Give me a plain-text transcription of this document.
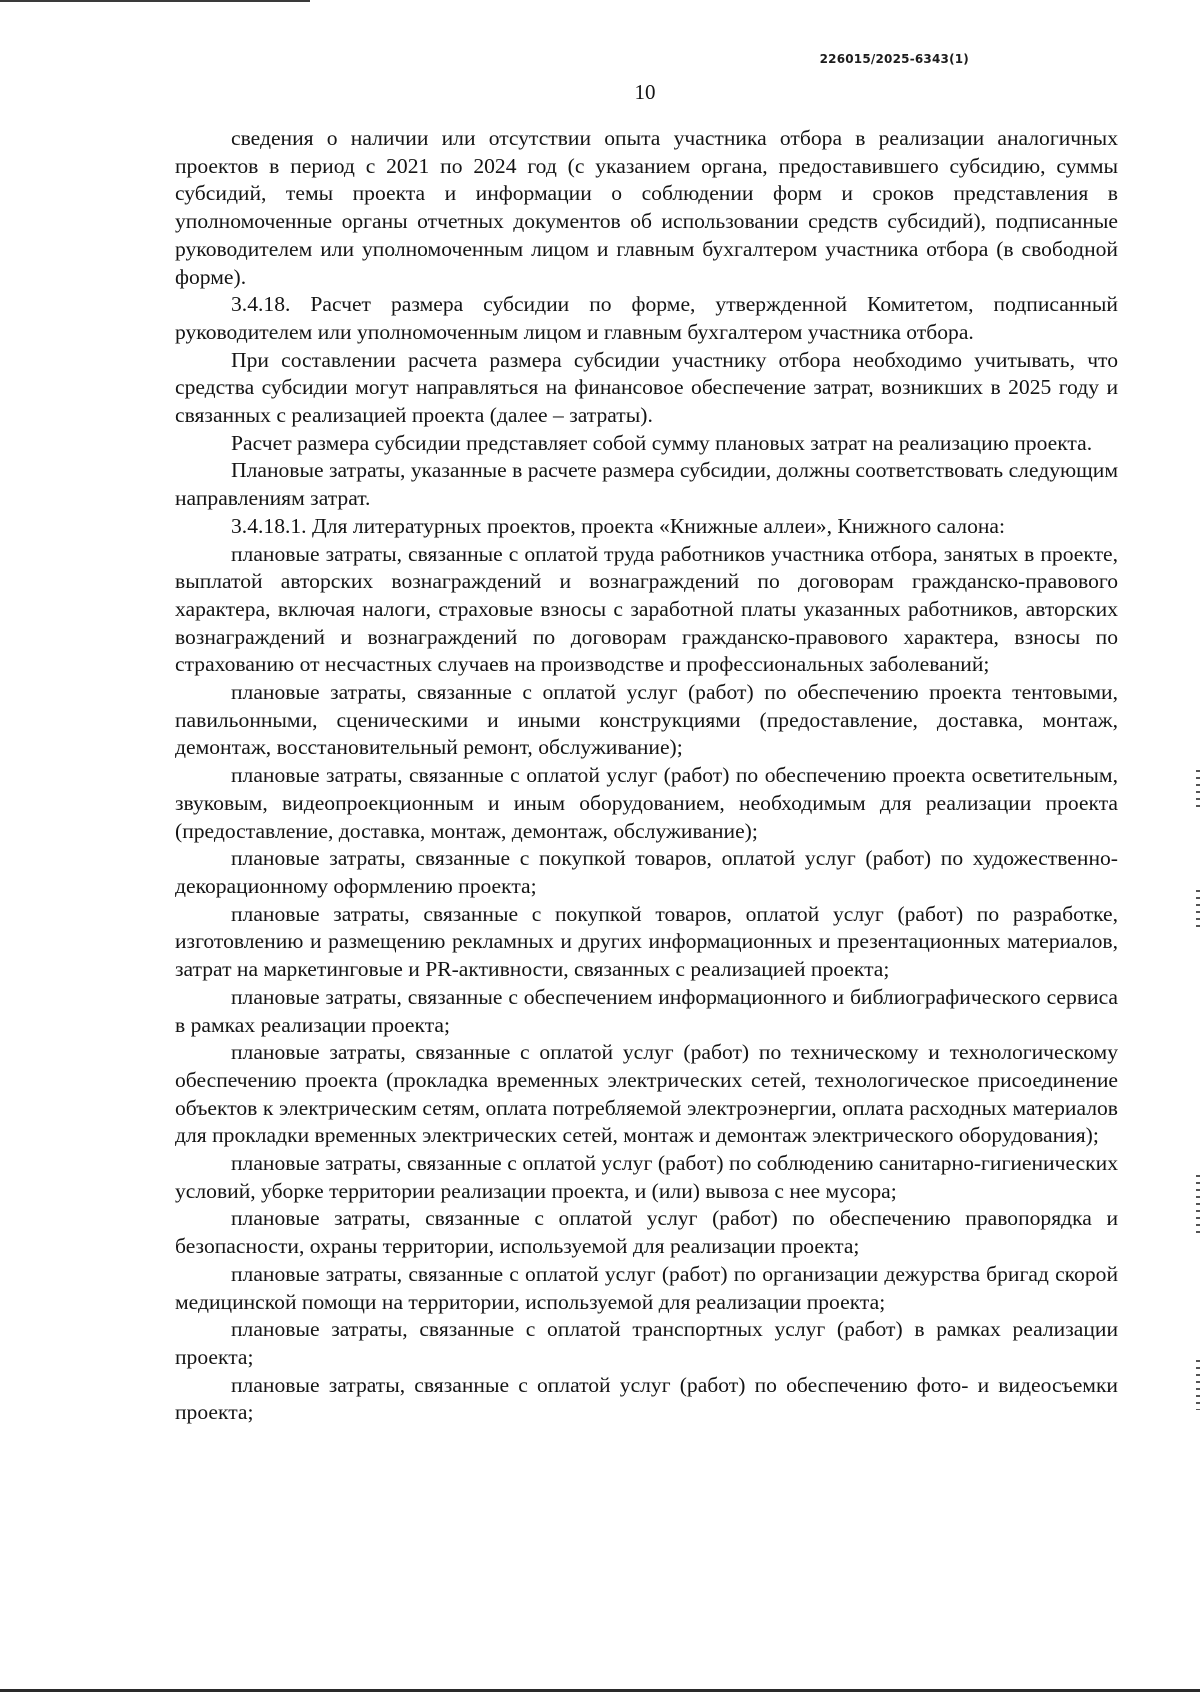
226015/2025-6343(1)
10

сведения о наличии или отсутствии опыта участника отбора в реализации аналогичных проектов в период с 2021 по 2024 год (с указанием органа, предоставившего субсидию, суммы субсидий, темы проекта и информации о соблюдении форм и сроков представления в уполномоченные органы отчетных документов об использовании средств субсидий), подписанные руководителем или уполномоченным лицом и главным бухгалтером участника отбора (в свободной форме).

3.4.18. Расчет размера субсидии по форме, утвержденной Комитетом, подписанный руководителем или уполномоченным лицом и главным бухгалтером участника отбора.

При составлении расчета размера субсидии участнику отбора необходимо учитывать, что средства субсидии могут направляться на финансовое обеспечение затрат, возникших в 2025 году и связанных с реализацией проекта (далее – затраты).

Расчет размера субсидии представляет собой сумму плановых затрат на реализацию проекта.

Плановые затраты, указанные в расчете размера субсидии, должны соответствовать следующим направлениям затрат.

3.4.18.1. Для литературных проектов, проекта «Книжные аллеи», Книжного салона:

плановые затраты, связанные с оплатой труда работников участника отбора, занятых в проекте, выплатой авторских вознаграждений и вознаграждений по договорам гражданско-правового характера, включая налоги, страховые взносы с заработной платы указанных работников, авторских вознаграждений и вознаграждений по договорам гражданско-правового характера, взносы по страхованию от несчастных случаев на производстве и профессиональных заболеваний;

плановые затраты, связанные с оплатой услуг (работ) по обеспечению проекта тентовыми, павильонными, сценическими и иными конструкциями (предоставление, доставка, монтаж, демонтаж, восстановительный ремонт, обслуживание);

плановые затраты, связанные с оплатой услуг (работ) по обеспечению проекта осветительным, звуковым, видеопроекционным и иным оборудованием, необходимым для реализации проекта (предоставление, доставка, монтаж, демонтаж, обслуживание);

плановые затраты, связанные с покупкой товаров, оплатой услуг (работ) по художественно-декорационному оформлению проекта;

плановые затраты, связанные с покупкой товаров, оплатой услуг (работ) по разработке, изготовлению и размещению рекламных и других информационных и презентационных материалов, затрат на маркетинговые и PR-активности, связанных с реализацией проекта;

плановые затраты, связанные с обеспечением информационного и библиографического сервиса в рамках реализации проекта;

плановые затраты, связанные с оплатой услуг (работ) по техническому и технологическому обеспечению проекта (прокладка временных электрических сетей, технологическое присоединение объектов к электрическим сетям, оплата потребляемой электроэнергии, оплата расходных материалов для прокладки временных электрических сетей, монтаж и демонтаж электрического оборудования);

плановые затраты, связанные с оплатой услуг (работ) по соблюдению санитарно-гигиенических условий, уборке территории реализации проекта, и (или) вывоза с нее мусора;

плановые затраты, связанные с оплатой услуг (работ) по обеспечению правопорядка и безопасности, охраны территории, используемой для реализации проекта;

плановые затраты, связанные с оплатой услуг (работ) по организации дежурства бригад скорой медицинской помощи на территории, используемой для реализации проекта;

плановые затраты, связанные с оплатой транспортных услуг (работ) в рамках реализации проекта;

плановые затраты, связанные с оплатой услуг (работ) по обеспечению фото- и видеосъемки проекта;
